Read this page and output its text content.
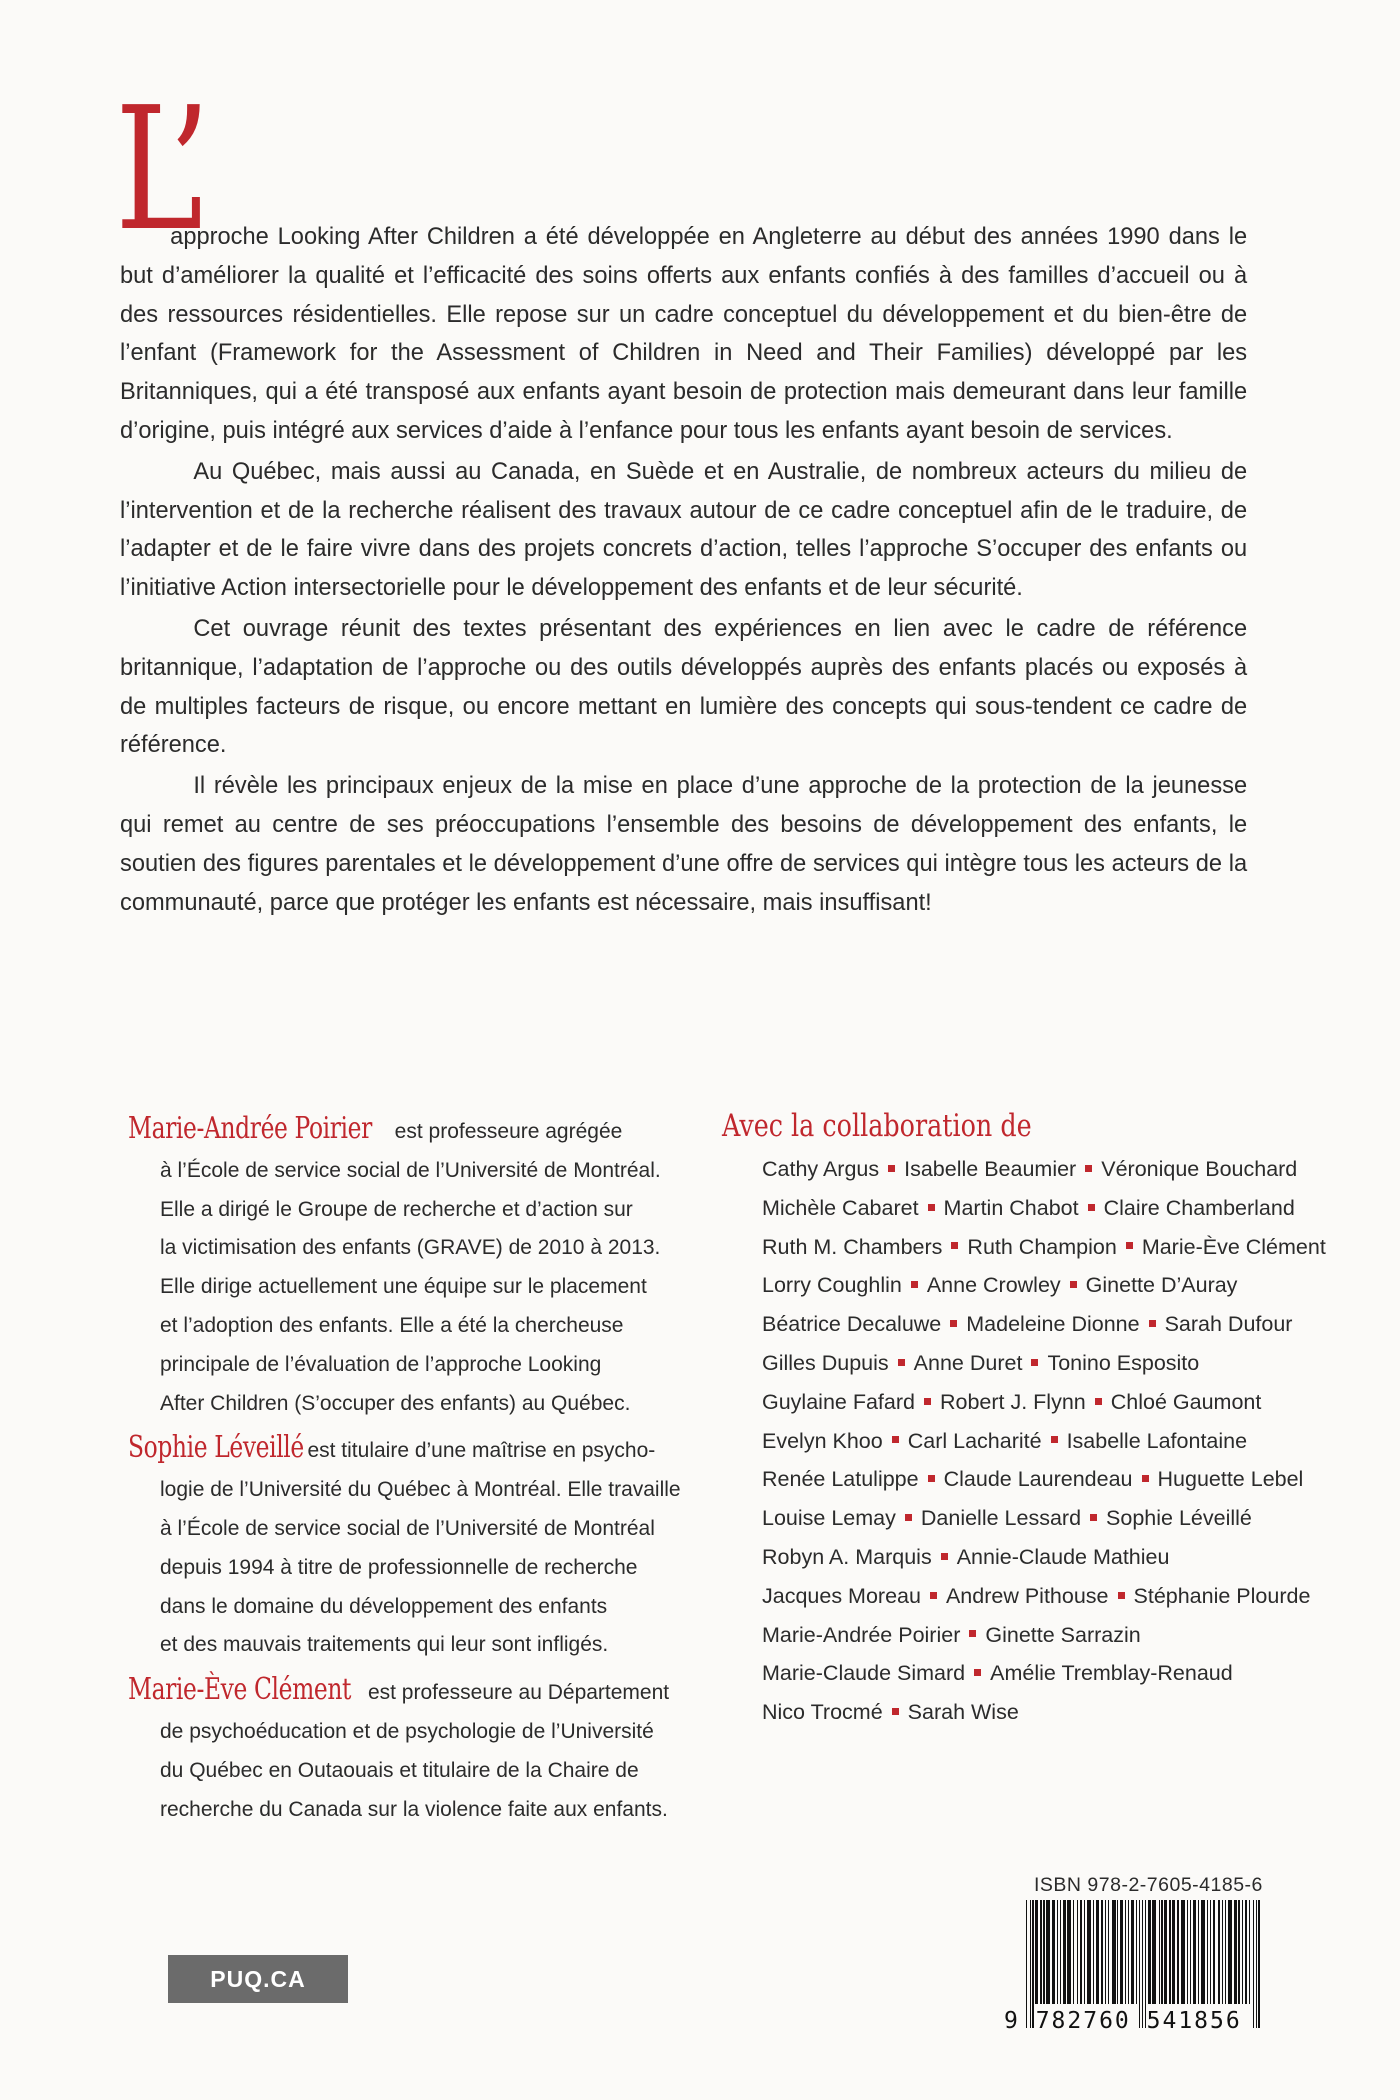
L’

approche Looking After Children a été développée en Angleterre au début des années 1990 dans le but d’améliorer la qualité et l’efficacité des soins offerts aux enfants confiés à des familles d’accueil ou à des ressources résidentielles. Elle repose sur un cadre conceptuel du développement et du bien-être de l’enfant (Framework for the Assessment of Children in Need and Their Families) développé par les Britanniques, qui a été transposé aux enfants ayant besoin de protection mais demeurant dans leur famille d’origine, puis intégré aux services d’aide à l’enfance pour tous les enfants ayant besoin de services.

Au Québec, mais aussi au Canada, en Suède et en Australie, de nombreux acteurs du milieu de l’intervention et de la recherche réalisent des travaux autour de ce cadre conceptuel afin de le traduire, de l’adapter et de le faire vivre dans des projets concrets d’action, telles l’approche S’occuper des enfants ou l’initiative Action intersectorielle pour le développement des enfants et de leur sécurité.

Cet ouvrage réunit des textes présentant des expériences en lien avec le cadre de référence britannique, l’adaptation de l’approche ou des outils développés auprès des enfants placés ou exposés à de multiples facteurs de risque, ou encore mettant en lumière des concepts qui sous-tendent ce cadre de référence.

Il révèle les principaux enjeux de la mise en place d’une approche de la protection de la jeunesse qui remet au centre de ses préoccupations l’ensemble des besoins de développement des enfants, le soutien des figures parentales et le développement d’une offre de services qui intègre tous les acteurs de la communauté, parce que protéger les enfants est nécessaire, mais insuffisant!

Marie-Andrée Poirier est professeure agrégée
à l’École de service social de l’Université de Montréal.
Elle a dirigé le Groupe de recherche et d’action sur
la victimisation des enfants (GRAVE) de 2010 à 2013.
Elle dirige actuellement une équipe sur le placement
et l’adoption des enfants. Elle a été la chercheuse
principale de l’évaluation de l’approche Looking
After Children (S’occuper des enfants) au Québec.
Sophie Léveillé est titulaire d’une maîtrise en psycho-
logie de l’Université du Québec à Montréal. Elle travaille
à l’École de service social de l’Université de Montréal
depuis 1994 à titre de professionnelle de recherche
dans le domaine du développement des enfants
et des mauvais traitements qui leur sont infligés.
Marie-Ève Clément est professeure au Département
de psychoéducation et de psychologie de l’Université
du Québec en Outaouais et titulaire de la Chaire de
recherche du Canada sur la violence faite aux enfants.
Avec la collaboration de
Cathy Argus Isabelle Beaumier Véronique Bouchard
Michèle Cabaret Martin Chabot Claire Chamberland
Ruth M. Chambers Ruth Champion Marie-Ève Clément
Lorry Coughlin Anne Crowley Ginette D’Auray
Béatrice Decaluwe Madeleine Dionne Sarah Dufour
Gilles Dupuis Anne Duret Tonino Esposito
Guylaine Fafard Robert J. Flynn Chloé Gaumont
Evelyn Khoo Carl Lacharité Isabelle Lafontaine
Renée Latulippe Claude Laurendeau Huguette Lebel
Louise Lemay Danielle Lessard Sophie Léveillé
Robyn A. Marquis Annie-Claude Mathieu
Jacques Moreau Andrew Pithouse Stéphanie Plourde
Marie-Andrée Poirier Ginette Sarrazin
Marie-Claude Simard Amélie Tremblay-Renaud
Nico Trocmé Sarah Wise
ISBN 978-2-7605-4185-6
9 782760 541856
PUQ.CA
